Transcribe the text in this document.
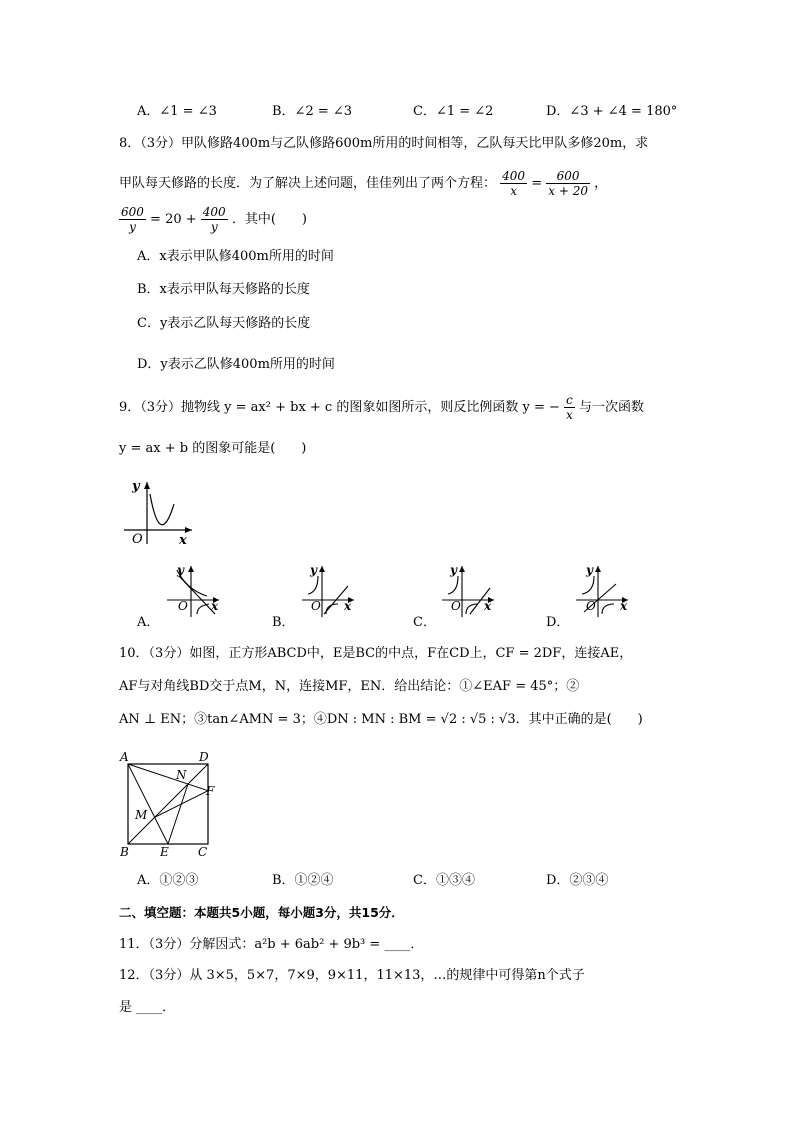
A．∠1 = ∠3	B．∠2 = ∠3	C．∠1 = ∠2	D．∠3 + ∠4 = 180°
8．（3分）甲队修路400m与乙队修路600m所用的时间相等，乙队每天比甲队多修20m，求
甲队每天修路的长度．为了解决上述问题，佳佳列出了两个方程： $\frac{400}{x} = \frac{600}{x + 20}$ ，
$\frac{600}{y} = 20 + \frac{400}{y}$ ．其中(　　)
A．x表示甲队修400m所用的时间
B．x表示甲队每天修路的长度
C．y表示乙队每天修路的长度
D．y表示乙队修400m所用的时间
9．（3分）抛物线 y = ax² + bx + c 的图象如图所示，则反比例函数 y = − $\frac{c}{x}$ 与一次函数
y = ax + b 的图象可能是(　　)
y
x
O
y
x
O
y
x
O
y
x
O
y
x
O
A．	B．	C．	D．
10．（3分）如图，正方形ABCD中，E是BC的中点，F在CD上，CF = 2DF，连接AE，
AF与对角线BD交于点M，N，连接MF，EN．给出结论：①∠EAF = 45°；②
AN ⊥ EN；③tan∠AMN = 3；④DN : MN : BM = √2 : √5 : √3．其中正确的是(　　)
A	D
N
F
M
B	E C
A．①②③	B．①②④	C．①③④	D．②③④
二、填空题：本题共5小题，每小题3分，共15分．
11．（3分）分解因式：a²b + 6ab² + 9b³ = ____．
12．（3分）从 3×5，5×7，7×9，9×11，11×13，…的规律中可得第n个式子
是 ____．
